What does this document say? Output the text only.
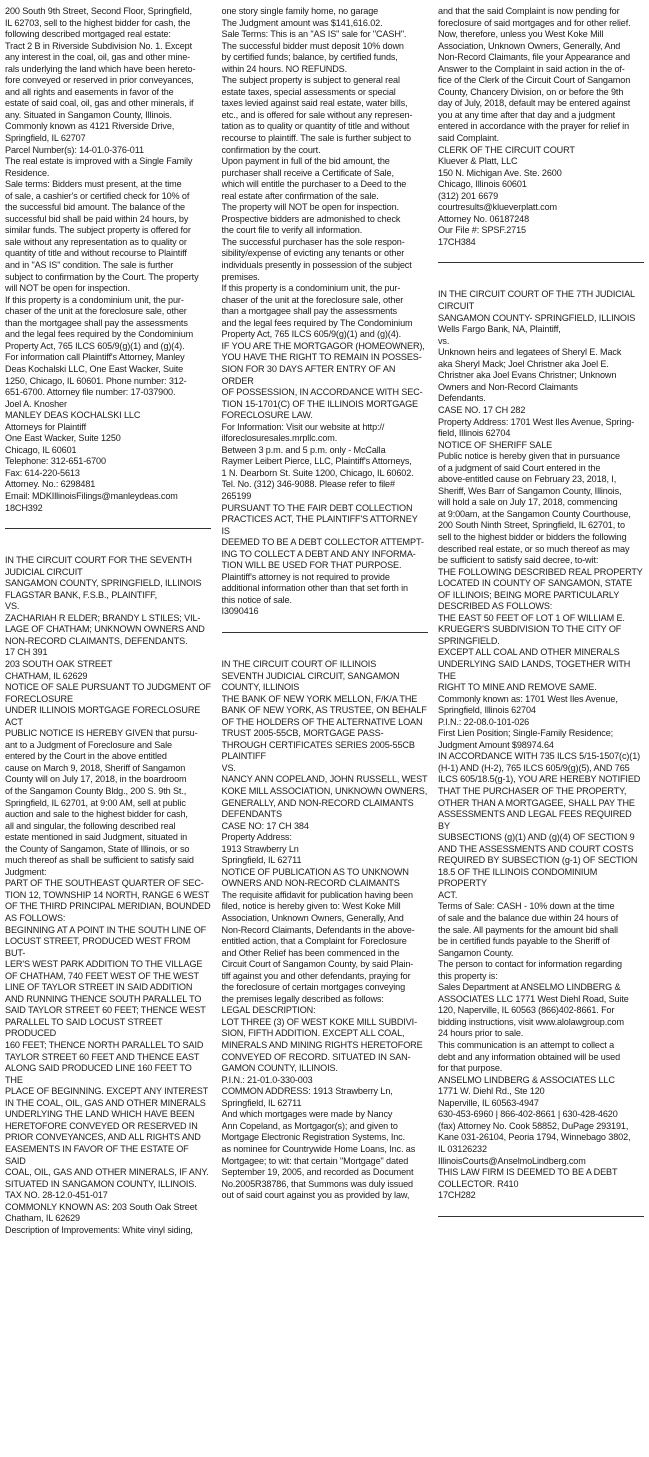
200 South 9th Street, Second Floor, Springfield,

IL 62703, sell to the highest bidder for cash, the

following described mortgaged real estate:

Tract 2 B in Riverside Subdivision No. 1. Except

any interest in the coal, oil, gas and other mine-

rals underlying the land which have been hereto-

fore conveyed or reserved in prior conveyances,

and all rights and easements in favor of the

estate of said coal, oil, gas and other minerals, if

any. Situated in Sangamon County, Illinois.

Commonly known as 4121 Riverside Drive,

Springfield, IL 62707

Parcel Number(s): 14-01.0-376-011

The real estate is improved with a Single Family

Residence.

Sale terms: Bidders must present, at the time

of sale, a cashier's or certified check for 10% of

the successful bid amount. The balance of the

successful bid shall be paid within 24 hours, by

similar funds. The subject property is offered for

sale without any representation as to quality or

quantity of title and without recourse to Plaintiff

and in "AS IS" condition. The sale is further

subject to confirmation by the Court. The property

will NOT be open for inspection.

If this property is a condominium unit, the pur-

chaser of the unit at the foreclosure sale, other

than the mortgagee shall pay the assessments

and the legal fees required by the Condominium

Property Act, 765 ILCS 605/9(g)(1) and (g)(4).

For information call Plaintiff's Attorney, Manley

Deas Kochalski LLC, One East Wacker, Suite

1250, Chicago, IL 60601. Phone number: 312-

651-6700. Attorney file number: 17-037900.

Joel A. Knosher

MANLEY DEAS KOCHALSKI LLC

Attorneys for Plaintiff

One East Wacker, Suite 1250

Chicago, IL 60601

Telephone: 312-651-6700

Fax: 614-220-5613

Attorney. No.: 6298481

Email: MDKIllinoisFilings@manleydeas.com

18CH392

IN THE CIRCUIT COURT FOR THE SEVENTH

JUDICIAL CIRCUIT

SANGAMON COUNTY, SPRINGFIELD, ILLINOIS

FLAGSTAR BANK, F.S.B., PLAINTIFF,

VS.

ZACHARIAH R ELDER; BRANDY L STILES; VIL-

LAGE OF CHATHAM; UNKNOWN OWNERS AND

NON-RECORD CLAIMANTS, DEFENDANTS.

17 CH 391

203 SOUTH OAK STREET

CHATHAM, IL 62629

NOTICE OF SALE PURSUANT TO JUDGMENT OF

FORECLOSURE

UNDER ILLINOIS MORTGAGE FORECLOSURE ACT

PUBLIC NOTICE IS HEREBY GIVEN that pursu-

ant to a Judgment of Foreclosure and Sale

entered by the Court in the above entitled

cause on March 9, 2018, Sheriff of Sangamon

County will on July 17, 2018, in the boardroom

of the Sangamon County Bldg., 200 S. 9th St.,

Springfield, IL 62701, at 9:00 AM, sell at public

auction and sale to the highest bidder for cash,

all and singular, the following described real

estate mentioned in said Judgment, situated in

the County of Sangamon, State of Illinois, or so

much thereof as shall be sufficient to satisfy said

Judgment:

PART OF THE SOUTHEAST QUARTER OF SEC-

TION 12, TOWNSHIP 14 NORTH, RANGE 6 WEST

OF THE THIRD PRINCIPAL MERIDIAN, BOUNDED

AS FOLLOWS:

BEGINNING AT A POINT IN THE SOUTH LINE OF

LOCUST STREET, PRODUCED WEST FROM BUT-

LER'S WEST PARK ADDITION TO THE VILLAGE

OF CHATHAM, 740 FEET WEST OF THE WEST

LINE OF TAYLOR STREET IN SAID ADDITION

AND RUNNING THENCE SOUTH PARALLEL TO

SAID TAYLOR STREET 60 FEET; THENCE WEST

PARALLEL TO SAID LOCUST STREET PRODUCED

160 FEET; THENCE NORTH PARALLEL TO SAID

TAYLOR STREET 60 FEET AND THENCE EAST

ALONG SAID PRODUCED LINE 160 FEET TO THE

PLACE OF BEGINNING. EXCEPT ANY INTEREST

IN THE COAL, OIL, GAS AND OTHER MINERALS

UNDERLYING THE LAND WHICH HAVE BEEN

HERETOFORE CONVEYED OR RESERVED IN

PRIOR CONVEYANCES, AND ALL RIGHTS AND

EASEMENTS IN FAVOR OF THE ESTATE OF SAID

COAL, OIL, GAS AND OTHER MINERALS, IF ANY.

SITUATED IN SANGAMON COUNTY, ILLINOIS.

TAX NO. 28-12.0-451-017

COMMONLY KNOWN AS: 203 South Oak Street

Chatham, IL 62629

Description of Improvements: White vinyl siding,

one story single family home, no garage

The Judgment amount was $141,616.02.

Sale Terms: This is an "AS IS" sale for "CASH".

The successful bidder must deposit 10% down

by certified funds; balance, by certified funds,

within 24 hours. NO REFUNDS.

The subject property is subject to general real

estate taxes, special assessments or special

taxes levied against said real estate, water bills,

etc., and is offered for sale without any represen-

tation as to quality or quantity of title and without

recourse to plaintiff. The sale is further subject to

confirmation by the court.

Upon payment in full of the bid amount, the

purchaser shall receive a Certificate of Sale,

which will entitle the purchaser to a Deed to the

real estate after confirmation of the sale.

The property will NOT be open for inspection.

Prospective bidders are admonished to check

the court file to verify all information.

The successful purchaser has the sole respon-

sibility/expense of evicting any tenants or other

individuals presently in possession of the subject

premises.

If this property is a condominium unit, the pur-

chaser of the unit at the foreclosure sale, other

than a mortgagee shall pay the assessments

and the legal fees required by The Condominium

Property Act, 765 ILCS 605/9(g)(1) and (g)(4).

IF YOU ARE THE MORTGAGOR (HOMEOWNER),

YOU HAVE THE RIGHT TO REMAIN IN POSSES-

SION FOR 30 DAYS AFTER ENTRY OF AN ORDER

OF POSSESSION, IN ACCORDANCE WITH SEC-

TION 15-1701(C) OF THE ILLINOIS MORTGAGE

FORECLOSURE LAW.

For Information: Visit our website at http://

ilforeclosuresales.mrpllc.com.

Between 3 p.m. and 5 p.m. only - McCalla

Raymer Leibert Pierce, LLC, Plaintiff's Attorneys,

1 N. Dearborn St. Suite 1200, Chicago, IL 60602.

Tel. No. (312) 346-9088. Please refer to file#

265199

PURSUANT TO THE FAIR DEBT COLLECTION

PRACTICES ACT, THE PLAINTIFF'S ATTORNEY IS

DEEMED TO BE A DEBT COLLECTOR ATTEMPT-

ING TO COLLECT A DEBT AND ANY INFORMA-

TION WILL BE USED FOR THAT PURPOSE.

Plaintiff's attorney is not required to provide

additional information other than that set forth in

this notice of sale.

I3090416

IN THE CIRCUIT COURT OF ILLINOIS

SEVENTH JUDICIAL CIRCUIT, SANGAMON

COUNTY, ILLINOIS

THE BANK OF NEW YORK MELLON, F/K/A THE

BANK OF NEW YORK, AS TRUSTEE, ON BEHALF

OF THE HOLDERS OF THE ALTERNATIVE LOAN

TRUST 2005-55CB, MORTGAGE PASS-

THROUGH CERTIFICATES SERIES 2005-55CB

PLAINTIFF

VS.

NANCY ANN COPELAND, JOHN RUSSELL, WEST

KOKE MILL ASSOCIATION, UNKNOWN OWNERS,

GENERALLY, AND NON-RECORD CLAIMANTS

DEFENDANTS

CASE NO: 17 CH 384

Property Address:

1913 Strawberry Ln

Springfield, IL 62711

NOTICE OF PUBLICATION AS TO UNKNOWN

OWNERS AND NON-RECORD CLAIMANTS

The requisite affidavit for publication having been

filed, notice is hereby given to: West Koke Mill

Association, Unknown Owners, Generally, And

Non-Record Claimants, Defendants in the above-

entitled action, that a Complaint for Foreclosure

and Other Relief has been commenced in the

Circuit Court of Sangamon County, by said Plain-

tiff against you and other defendants, praying for

the foreclosure of certain mortgages conveying

the premises legally described as follows:

LEGAL DESCRIPTION:

LOT THREE (3) OF WEST KOKE MILL SUBDIVI-

SION, FIFTH ADDITION. EXCEPT ALL COAL,

MINERALS AND MINING RIGHTS HERETOFORE

CONVEYED OF RECORD. SITUATED IN SAN-

GAMON COUNTY, ILLINOIS.

P.I.N.: 21-01.0-330-003

COMMON ADDRESS: 1913 Strawberry Ln,

Springfield, IL 62711

And which mortgages were made by Nancy

Ann Copeland, as Mortgagor(s); and given to

Mortgage Electronic Registration Systems, Inc.

as nominee for Countrywide Home Loans, Inc. as

Mortgagee; to wit: that certain "Mortgage" dated

September 19, 2005, and recorded as Document

No.2005R38786, that Summons was duly issued

out of said court against you as provided by law,

and that the said Complaint is now pending for

foreclosure of said mortgages and for other relief.

Now, therefore, unless you West Koke Mill

Association, Unknown Owners, Generally, And

Non-Record Claimants, file your Appearance and

Answer to the Complaint in said action in the of-

fice of the Clerk of the Circuit Court of Sangamon

County, Chancery Division, on or before the 9th

day of July, 2018, default may be entered against

you at any time after that day and a judgment

entered in accordance with the prayer for relief in

said Complaint.

CLERK OF THE CIRCUIT COURT

Kluever & Platt, LLC

150 N. Michigan Ave. Ste. 2600

Chicago, Illinois 60601

(312) 201 6679

courtresults@klueverplatt.com

Attorney No. 06187248

Our File #: SPSF.2715

17CH384

IN THE CIRCUIT COURT OF THE 7TH JUDICIAL

CIRCUIT

SANGAMON COUNTY- SPRINGFIELD, ILLINOIS

Wells Fargo Bank, NA, Plaintiff,

vs.

Unknown heirs and legatees of Sheryl E. Mack

aka Sheryl Mack; Joel Christner aka Joel E.

Christner aka Joel Evans Christner; Unknown

Owners and Non-Record Claimants

Defendants.

CASE NO. 17 CH 282

Property Address: 1701 West Iles Avenue, Spring-

field, Illinois 62704

NOTICE OF SHERIFF SALE

Public notice is hereby given that in pursuance

of a judgment of said Court entered in the

above-entitled cause on February 23, 2018, I,

Sheriff, Wes Barr of Sangamon County, Illinois,

will hold a sale on July 17, 2018, commencing

at 9:00am, at the Sangamon County Courthouse,

200 South Ninth Street, Springfield, IL 62701, to

sell to the highest bidder or bidders the following

described real estate, or so much thereof as may

be sufficient to satisfy said decree, to-wit:

THE FOLLOWING DESCRIBED REAL PROPERTY

LOCATED IN COUNTY OF SANGAMON, STATE

OF ILLINOIS; BEING MORE PARTICULARLY

DESCRIBED AS FOLLOWS:

THE EAST 50 FEET OF LOT 1 OF WILLIAM E.

KRUEGER'S SUBDIVISION TO THE CITY OF

SPRINGFIELD.

EXCEPT ALL COAL AND OTHER MINERALS

UNDERLYING SAID LANDS, TOGETHER WITH THE

RIGHT TO MINE AND REMOVE SAME.

Commonly known as: 1701 West Iles Avenue,

Springfield, Illinois 62704

P.I.N.: 22-08.0-101-026

First Lien Position; Single-Family Residence;

Judgment Amount $98974.64

IN ACCORDANCE WITH 735 ILCS 5/15-1507(c)(1)

(H-1) AND (H-2), 765 ILCS 605/9(g)(5), AND 765

ILCS 605/18.5(g-1), YOU ARE HEREBY NOTIFIED

THAT THE PURCHASER OF THE PROPERTY,

OTHER THAN A MORTGAGEE, SHALL PAY THE

ASSESSMENTS AND LEGAL FEES REQUIRED BY

SUBSECTIONS (g)(1) AND (g)(4) OF SECTION 9

AND THE ASSESSMENTS AND COURT COSTS

REQUIRED BY SUBSECTION (g-1) OF SECTION

18.5 OF THE ILLINOIS CONDOMINIUM PROPERTY

ACT.

Terms of Sale: CASH - 10% down at the time

of sale and the balance due within 24 hours of

the sale. All payments for the amount bid shall

be in certified funds payable to the Sheriff of

Sangamon County.

The person to contact for information regarding

this property is:

Sales Department at ANSELMO LINDBERG &

ASSOCIATES LLC 1771 West Diehl Road, Suite

120, Naperville, IL 60563 (866)402-8661. For

bidding instructions, visit www.alolawgroup.com

24 hours prior to sale.

This communication is an attempt to collect a

debt and any information obtained will be used

for that purpose.

ANSELMO LINDBERG & ASSOCIATES LLC

1771 W. Diehl Rd., Ste 120

Naperville, IL 60563-4947

630-453-6960 | 866-402-8661 | 630-428-4620

(fax) Attorney No. Cook 58852, DuPage 293191,

Kane 031-26104, Peoria 1794, Winnebago 3802,

IL 03126232

IllinoisCourts@AnselmoLindberg.com

THIS LAW FIRM IS DEEMED TO BE A DEBT

COLLECTOR. R410

17CH282
